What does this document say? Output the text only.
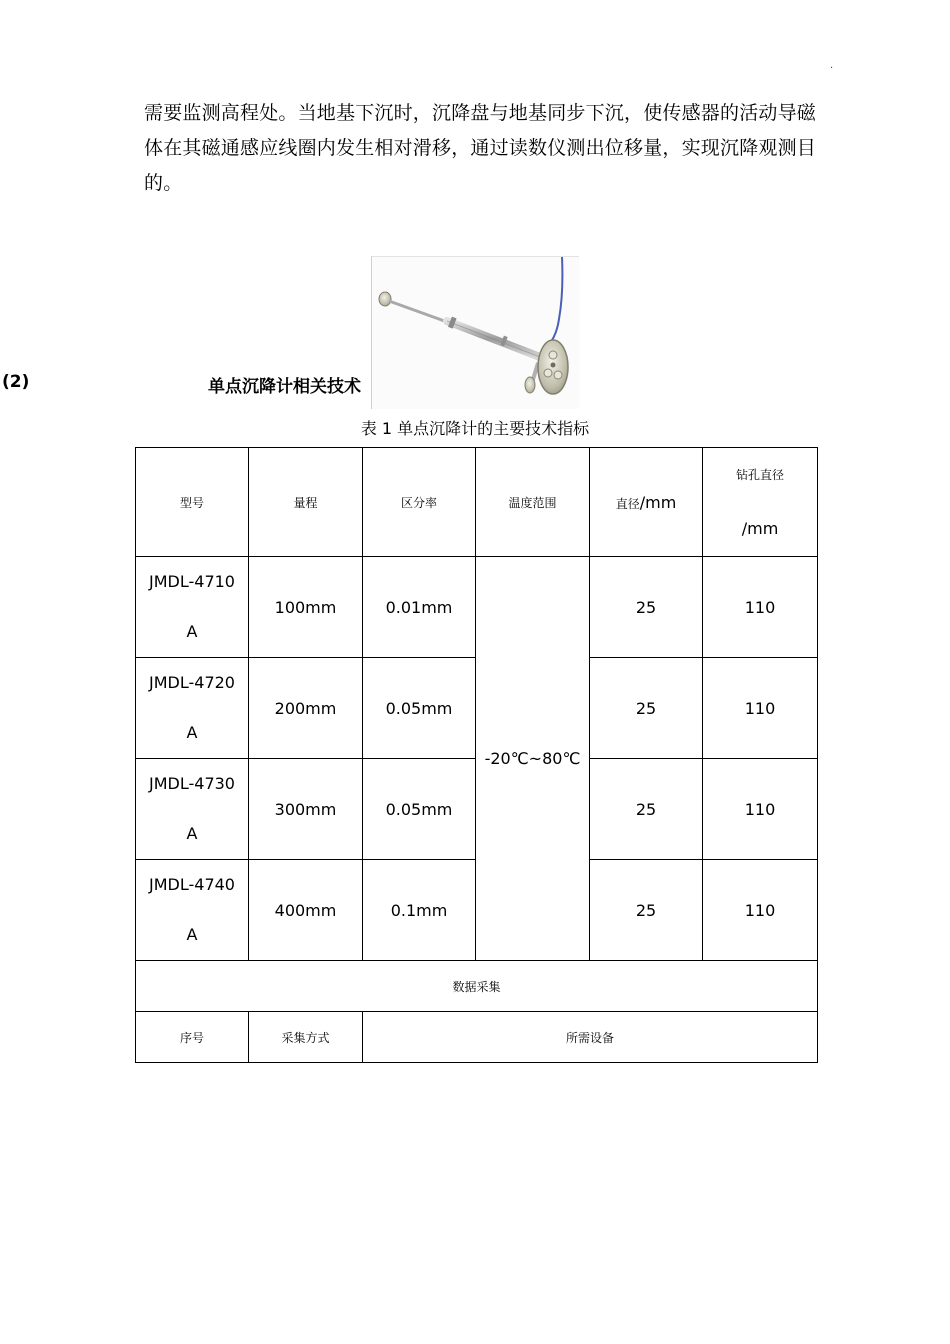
.
需要监测高程处。当地基下沉时，沉降盘与地基同步下沉，使传感器的活动导磁
体在其磁通感应线圈内发生相对滑移，通过读数仪测出位移量，实现沉降观测目
的。
(2)	单点沉降计相关技术
表 1 单点沉降计的主要技术指标
型号	量程	区分率	温度范围	直径/mm	钻孔直径
/mm

JMDL-4710
A	100mm	0.01mm	-20℃~80℃	25	110

JMDL-4720
A	200mm	0.05mm		25	110

JMDL-4730
A	300mm	0.05mm		25	110

JMDL-4740
A	400mm	0.1mm		25	110
数据采集					
序号	采集方式	所需设备			
